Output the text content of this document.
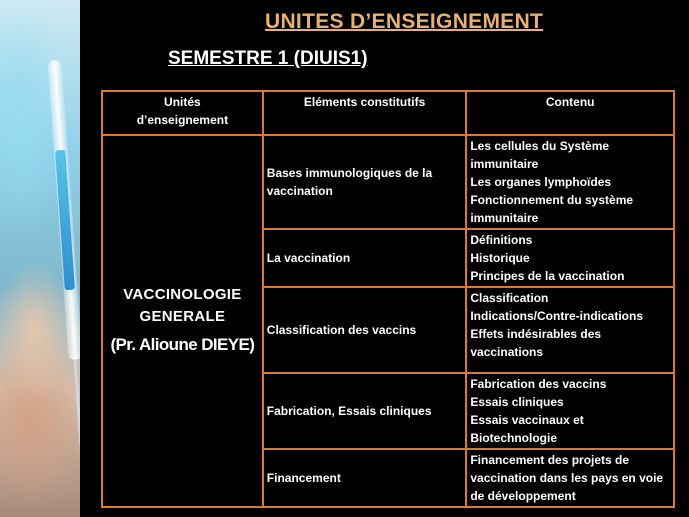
UNITES D’ENSEIGNEMENT
SEMESTRE 1 (DIUIS1)
Unités
d’enseignement	Eléments constitutifs	Contenu

VACCINOLOGIE
GENERALE
(Pr. Alioune DIEYE)	Bases immunologiques de la vaccination	Les cellules du Système immunitaire
Les organes lymphoïdes
Fonctionnement du système immunitaire

	La vaccination	Définitions
Historique
Principes de la vaccination

	Classification des vaccins	Classification
Indications/Contre-indications
Effets indésirables des vaccinations

	Fabrication, Essais cliniques	Fabrication des vaccins
Essais cliniques
Essais vaccinaux et Biotechnologie

	Financement	Financement des projets de vaccination dans les pays en voie de développement
